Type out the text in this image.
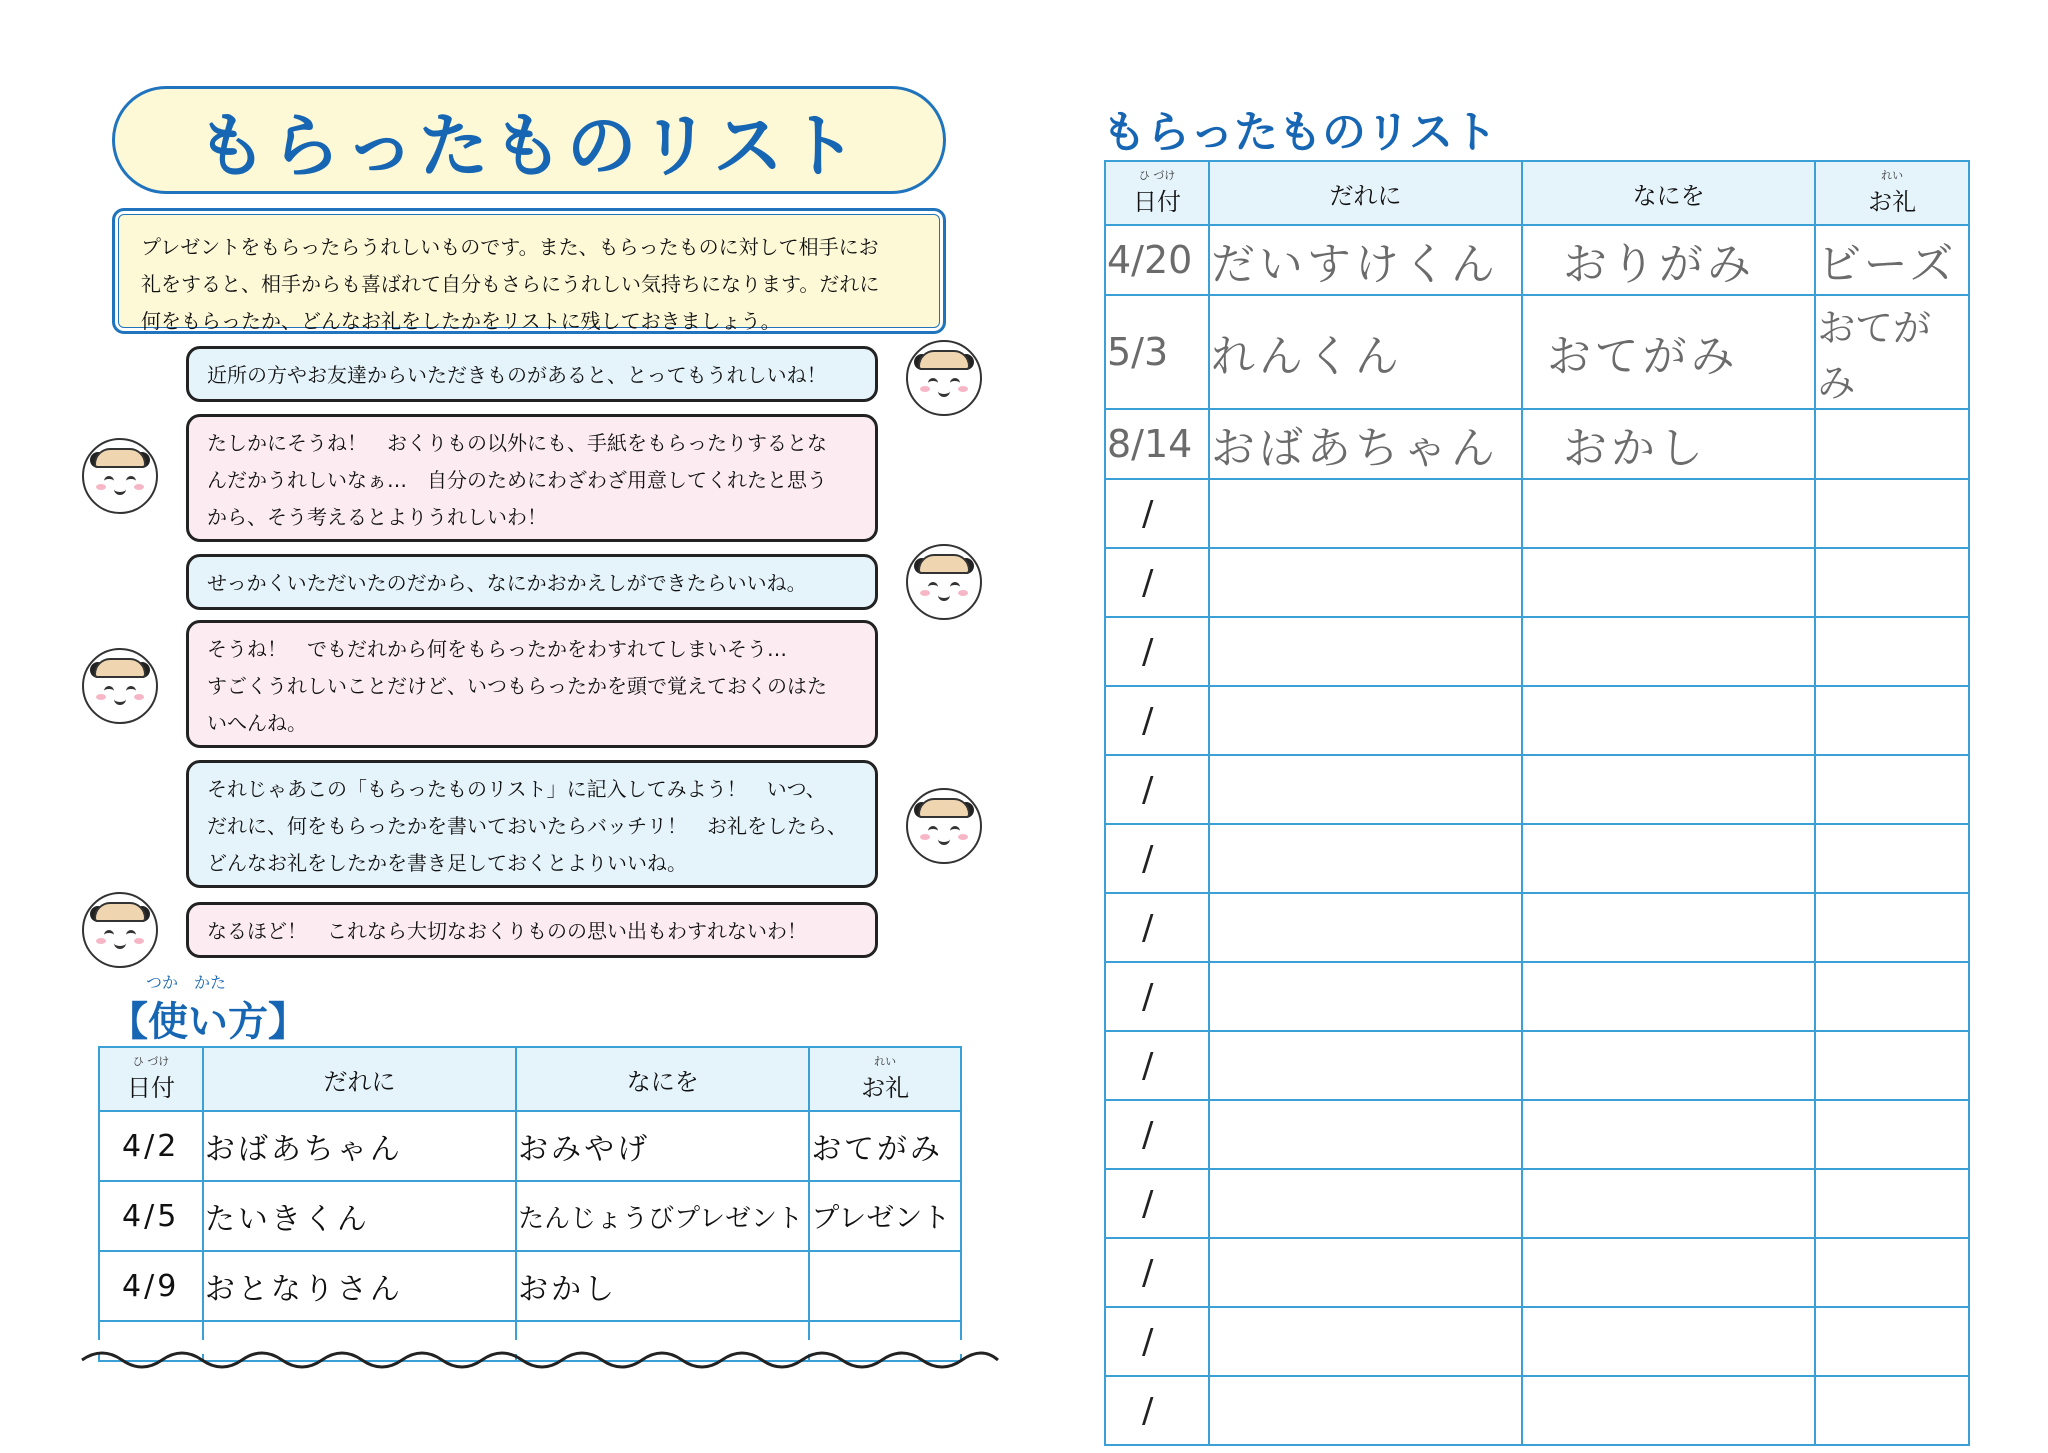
もらったものリスト
プレゼントをもらったらうれしいものです。また、もらったものに対して相手にお
礼をすると、相手からも喜ばれて自分もさらにうれしい気持ちになります。だれに
何をもらったか、どんなお礼をしたかをリストに残しておきましょう。
近所の方やお友達からいただきものがあると、とってもうれしいね！
たしかにそうね！　おくりもの以外にも、手紙をもらったりするとな
んだかうれしいなぁ…　自分のためにわざわざ用意してくれたと思う
から、そう考えるとよりうれしいわ！
せっかくいただいたのだから、なにかおかえしができたらいいね。
そうね！　でもだれから何をもらったかをわすれてしまいそう…
すごくうれしいことだけど、いつもらったかを頭で覚えておくのはた
いへんね。
それじゃあこの「もらったものリスト」に記入してみよう！　いつ、
だれに、何をもらったかを書いておいたらバッチリ！　お礼をしたら、
どんなお礼をしたかを書き足しておくとよりいいね。
なるほど！　これなら大切なおくりものの思い出もわすれないわ！
つか　かた
【使い方】
ひ づけ
日付	だれに	なにを	れい
お礼
4/2	おばあちゃん	おみやげ	おてがみ
4/5	たいきくん	たんじょうびプレゼント	プレゼント
4/9	おとなりさん	おかし	

もらったものリスト
ひ づけ
日付	だれに	なにを	れい
お礼
4/20	だいすけくん	おりがみ	ビーズ
5/3	れんくん	おてがみ	おてがみ
8/14	おばあちゃん	おかし	
/			
/			
/			
/			
/			
/			
/			
/			
/			
/			
/			
/			
/			
/			
